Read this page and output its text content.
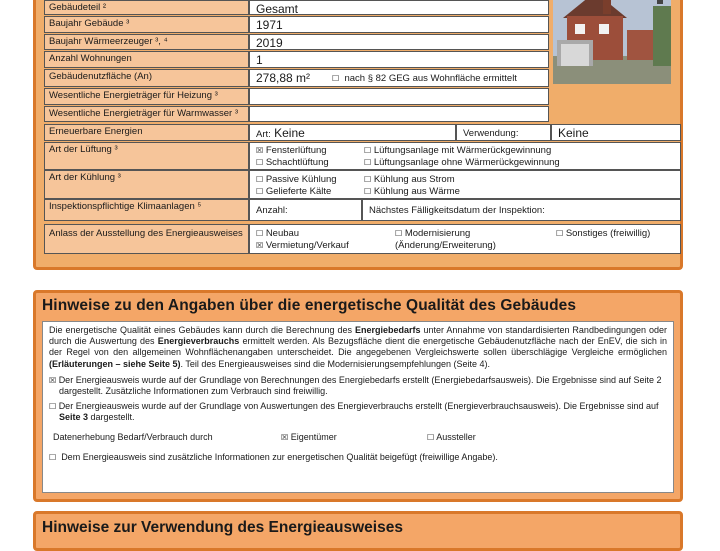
Gebäudeteil ²	Gesamt
Baujahr Gebäude ³	1971
Baujahr Wärmeerzeuger ³, ⁴	2019
Anzahl Wohnungen	1
Gebäudenutzfläche (An)	278,88 m²	☐ nach § 82 GEG aus Wohnfläche ermittelt
Wesentliche Energieträger für Heizung ³
Wesentliche Energieträger für Warmwasser ³
Erneuerbare Energien	Art: Keine	Verwendung:	Keine
Art der Lüftung ³	☒ Fensterlüftung
☐ Schachtlüftung
☐ Lüftungsanlage mit Wärmerückgewinnung
☐ Lüftungsanlage ohne Wärmerückgewinnung
Art der Kühlung ³	☐ Passive Kühlung
☐ Gelieferte Kälte
☐ Kühlung aus Strom
☐ Kühlung aus Wärme
Inspektionspflichtige Klimaanlagen ⁵	Anzahl:	Nächstes Fälligkeitsdatum der Inspektion:
Anlass der Ausstellung des Energieausweises	☐ Neubau
☒ Vermietung/Verkauf
☐ Modernisierung (Änderung/Erweiterung)
☐ Sonstiges (freiwillig)
Hinweise zu den Angaben über die energetische Qualität des Gebäudes

Die energetische Qualität eines Gebäudes kann durch die Berechnung des Energiebedarfs unter Annahme von standardisierten Randbedingungen oder durch die Auswertung des Energieverbrauchs ermittelt werden. Als Bezugsfläche dient die energetische Gebäudenutzfläche nach der EnEV, die sich in der Regel von den allgemeinen Wohnflächenangaben unterscheidet. Die angegebenen Vergleichswerte sollen überschlägige Vergleiche ermöglichen (Erläuterungen – siehe Seite 5). Teil des Energieausweises sind die Modernisierungsempfehlungen (Seite 4).

☒ Der Energieausweis wurde auf der Grundlage von Berechnungen des Energiebedarfs erstellt (Energiebedarfsausweis). Die Ergebnisse sind auf Seite 2 dargestellt. Zusätzliche Informationen zum Verbrauch sind freiwillig.

☐ Der Energieausweis wurde auf der Grundlage von Auswertungen des Energieverbrauchs erstellt (Energieverbrauchsausweis). Die Ergebnisse sind auf Seite 3 dargestellt.

Datenerhebung Bedarf/Verbrauch durch	☒ Eigentümer	☐ Aussteller

☐ Dem Energieausweis sind zusätzliche Informationen zur energetischen Qualität beigefügt (freiwillige Angabe).

Hinweise zur Verwendung des Energieausweises
